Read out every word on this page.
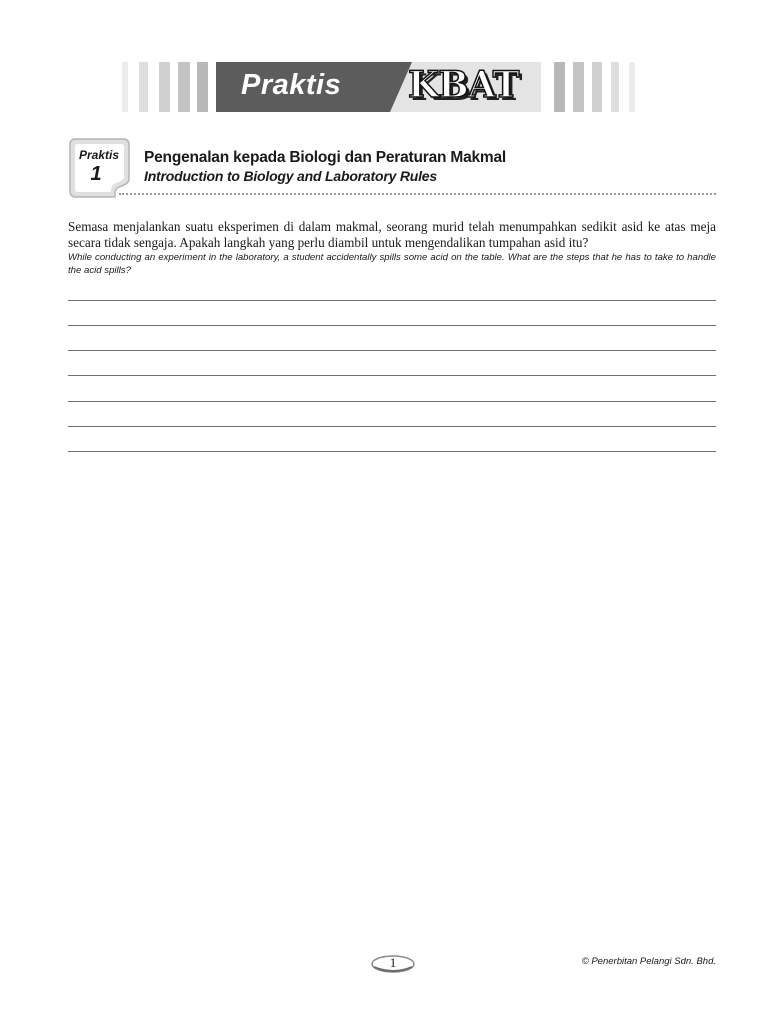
Praktis KBAT
Praktis
1
Pengenalan kepada Biologi dan Peraturan Makmal
Introduction to Biology and Laboratory Rules
Semasa menjalankan suatu eksperimen di dalam makmal, seorang murid telah menumpahkan sedikit asid ke atas meja secara tidak sengaja. Apakah langkah yang perlu diambil untuk mengendalikan tumpahan asid itu?
While conducting an experiment in the laboratory, a student accidentally spills some acid on the table. What are the steps that he has to take to handle the acid spills?
1	© Penerbitan Pelangi Sdn. Bhd.
